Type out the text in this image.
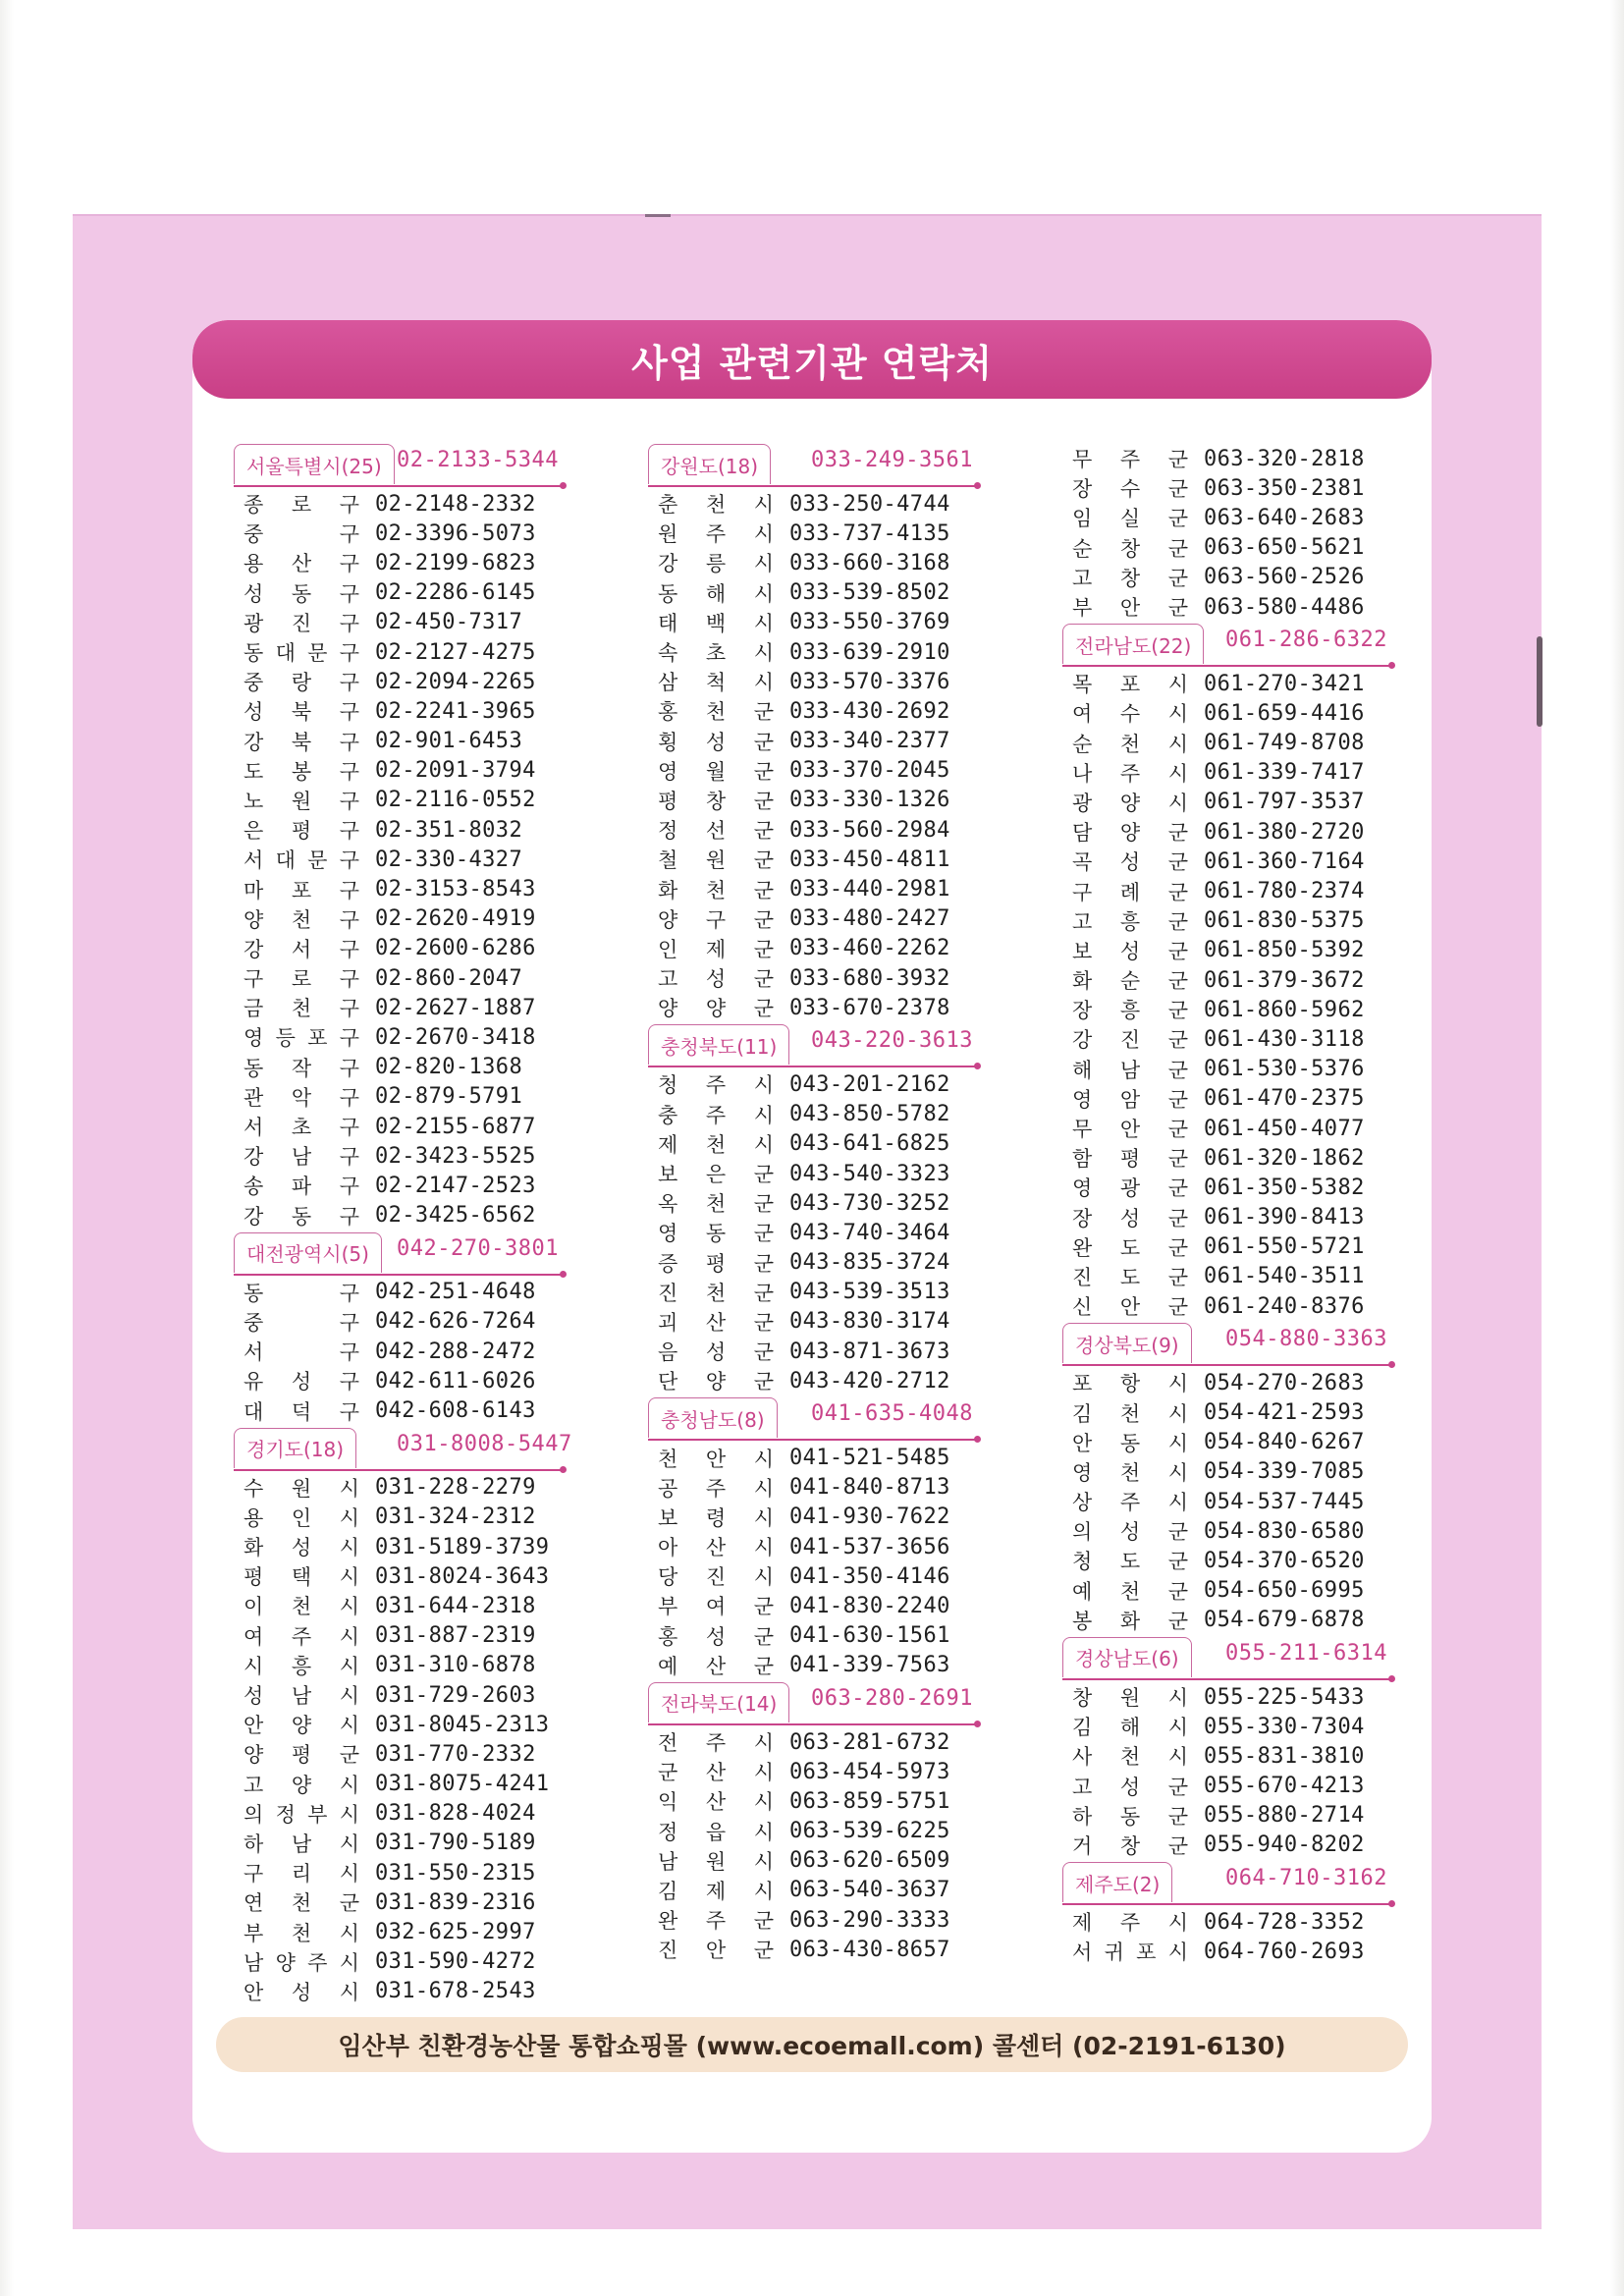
사업 관련기관 연락처
서울특별시(25) 02-2133-5344
종 로 구 02-2148-2332
중	구 02-3396-5073
용 산 구 02-2199-6823
성 동 구 02-2286-6145
광 진 구 02-450-7317
동 대 문 구 02-2127-4275
중 랑 구 02-2094-2265
성 북 구 02-2241-3965
강 북 구 02-901-6453
도 봉 구 02-2091-3794
노 원 구 02-2116-0552
은 평 구 02-351-8032
서 대 문 구 02-330-4327
마 포 구 02-3153-8543
양 천 구 02-2620-4919
강 서 구 02-2600-6286
구 로 구 02-860-2047
금 천 구 02-2627-1887
영 등 포 구 02-2670-3418
동 작 구 02-820-1368
관 악 구 02-879-5791
서 초 구 02-2155-6877
강 남 구 02-3423-5525
송 파 구 02-2147-2523
강 동 구 02-3425-6562
대전광역시(5)	042-270-3801
동	구 042-251-4648
중	구 042-626-7264
서	구 042-288-2472
유 성 구 042-611-6026
대 덕 구 042-608-6143
경기도(18)	031-8008-5447
수 원 시 031-228-2279
용 인 시 031-324-2312
화 성 시 031-5189-3739
평 택 시 031-8024-3643
이 천 시 031-644-2318
여 주 시 031-887-2319
시 흥 시 031-310-6878
성 남 시 031-729-2603
안 양 시 031-8045-2313
양 평 군 031-770-2332
고 양 시 031-8075-4241
의 정 부 시 031-828-4024
하 남 시 031-790-5189
구 리 시 031-550-2315
연 천 군 031-839-2316
부 천 시 032-625-2997
남 양 주 시 031-590-4272
안 성 시 031-678-2543
강원도(18)	033-249-3561
춘 천 시 033-250-4744
원 주 시 033-737-4135
강 릉 시 033-660-3168
동 해 시 033-539-8502
태 백 시 033-550-3769
속 초 시 033-639-2910
삼 척 시 033-570-3376
홍 천 군 033-430-2692
횡 성 군 033-340-2377
영 월 군 033-370-2045
평 창 군 033-330-1326
정 선 군 033-560-2984
철 원 군 033-450-4811
화 천 군 033-440-2981
양 구 군 033-480-2427
인 제 군 033-460-2262
고 성 군 033-680-3932
양 양 군 033-670-2378
충청북도(11)	043-220-3613
청 주 시 043-201-2162
충 주 시 043-850-5782
제 천 시 043-641-6825
보 은 군 043-540-3323
옥 천 군 043-730-3252
영 동 군 043-740-3464
증 평 군 043-835-3724
진 천 군 043-539-3513
괴 산 군 043-830-3174
음 성 군 043-871-3673
단 양 군 043-420-2712
충청남도(8)	041-635-4048
천 안 시 041-521-5485
공 주 시 041-840-8713
보 령 시 041-930-7622
아 산 시 041-537-3656
당 진 시 041-350-4146
부 여 군 041-830-2240
홍 성 군 041-630-1561
예 산 군 041-339-7563
전라북도(14)	063-280-2691
전 주 시 063-281-6732
군 산 시 063-454-5973
익 산 시 063-859-5751
정 읍 시 063-539-6225
남 원 시 063-620-6509
김 제 시 063-540-3637
완 주 군 063-290-3333
진 안 군 063-430-8657
무 주 군 063-320-2818
장 수 군 063-350-2381
임 실 군 063-640-2683
순 창 군 063-650-5621
고 창 군 063-560-2526
부 안 군 063-580-4486
전라남도(22)	061-286-6322
목 포 시 061-270-3421
여 수 시 061-659-4416
순 천 시 061-749-8708
나 주 시 061-339-7417
광 양 시 061-797-3537
담 양 군 061-380-2720
곡 성 군 061-360-7164
구 례 군 061-780-2374
고 흥 군 061-830-5375
보 성 군 061-850-5392
화 순 군 061-379-3672
장 흥 군 061-860-5962
강 진 군 061-430-3118
해 남 군 061-530-5376
영 암 군 061-470-2375
무 안 군 061-450-4077
함 평 군 061-320-1862
영 광 군 061-350-5382
장 성 군 061-390-8413
완 도 군 061-550-5721
진 도 군 061-540-3511
신 안 군 061-240-8376
경상북도(9)	054-880-3363
포 항 시 054-270-2683
김 천 시 054-421-2593
안 동 시 054-840-6267
영 천 시 054-339-7085
상 주 시 054-537-7445
의 성 군 054-830-6580
청 도 군 054-370-6520
예 천 군 054-650-6995
봉 화 군 054-679-6878
경상남도(6)	055-211-6314
창 원 시 055-225-5433
김 해 시 055-330-7304
사 천 시 055-831-3810
고 성 군 055-670-4213
하 동 군 055-880-2714
거 창 군 055-940-8202
제주도(2)	064-710-3162
제 주 시 064-728-3352
서 귀 포 시 064-760-2693
임산부 친환경농산물 통합쇼핑몰 (www.ecoemall.com) 콜센터 (02-2191-6130)
